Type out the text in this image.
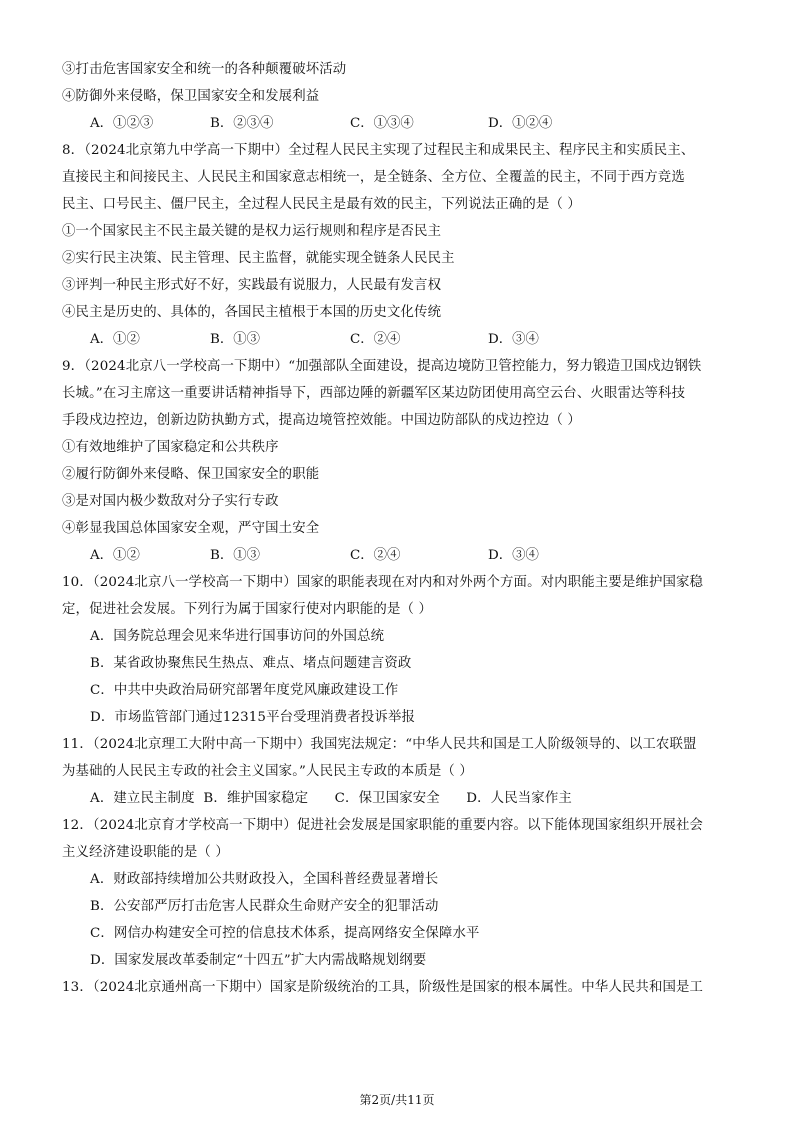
③打击危害国家安全和统一的各种颠覆破坏活动
④防御外来侵略，保卫国家安全和发展利益
A．①②③	B．②③④	C．①③④	D．①②④
8．（2024北京第九中学高一下期中）全过程人民民主实现了过程民主和成果民主、程序民主和实质民主、
直接民主和间接民主、人民民主和国家意志相统一，是全链条、全方位、全覆盖的民主，不同于西方竞选
民主、口号民主、僵尸民主，全过程人民民主是最有效的民主，下列说法正确的是（ ）
①一个国家民主不民主最关键的是权力运行规则和程序是否民主
②实行民主决策、民主管理、民主监督，就能实现全链条人民民主
③评判一种民主形式好不好，实践最有说服力，人民最有发言权
④民主是历史的、具体的，各国民主植根于本国的历史文化传统
A．①②	B．①③	C．②④	D．③④
9．（2024北京八一学校高一下期中）“加强部队全面建设，提高边境防卫管控能力，努力锻造卫国戍边钢铁
长城。”在习主席这一重要讲话精神指导下，西部边陲的新疆军区某边防团使用高空云台、火眼雷达等科技
手段戍边控边，创新边防执勤方式，提高边境管控效能。中国边防部队的戍边控边（ ）
①有效地维护了国家稳定和公共秩序
②履行防御外来侵略、保卫国家安全的职能
③是对国内极少数敌对分子实行专政
④彰显我国总体国家安全观，严守国土安全
A．①②	B．①③	C．②④	D．③④
10．（2024北京八一学校高一下期中）国家的职能表现在对内和对外两个方面。对内职能主要是维护国家稳
定，促进社会发展。下列行为属于国家行使对内职能的是（ ）
A．国务院总理会见来华进行国事访问的外国总统
B．某省政协聚焦民生热点、难点、堵点问题建言资政
C．中共中央政治局研究部署年度党风廉政建设工作
D．市场监管部门通过12315平台受理消费者投诉举报
11．（2024北京理工大附中高一下期中）我国宪法规定：“中华人民共和国是工人阶级领导的、以工农联盟
为基础的人民民主专政的社会主义国家。”人民民主专政的本质是（ ）
A．建立民主制度  B．维护国家稳定      C．保卫国家安全      D．人民当家作主
12．（2024北京育才学校高一下期中）促进社会发展是国家职能的重要内容。以下能体现国家组织开展社会
主义经济建设职能的是（ ）
A．财政部持续增加公共财政投入，全国科普经费显著增长
B．公安部严厉打击危害人民群众生命财产安全的犯罪活动
C．网信办构建安全可控的信息技术体系，提高网络安全保障水平
D．国家发展改革委制定“十四五”扩大内需战略规划纲要
13．（2024北京通州高一下期中）国家是阶级统治的工具，阶级性是国家的根本属性。中华人民共和国是工
第2页/共11页
